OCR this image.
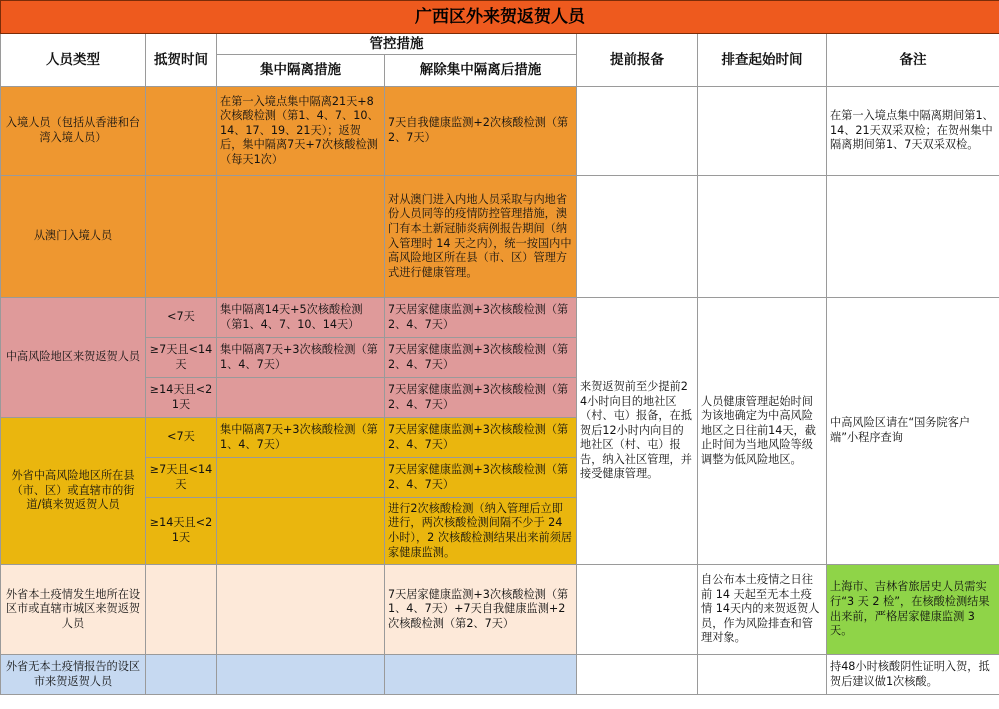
广西区外来贺返贺人员						
人员类型	抵贺时间	管控措施		提前报备	排查起始时间	备注
		集中隔离措施	解除集中隔离后措施			
入境人员（包括从香港和台湾入境人员）		在第一入境点集中隔离21天+8次核酸检测（第1、4、7、10、14、17、19、21天）；返贺后，集中隔离7天+7次核酸检测（每天1次）	7天自我健康监测+2次核酸检测（第2、7天）			在第一入境点集中隔离期间第1、14、21天双采双检；在贺州集中隔离期间第1、7天双采双检。
从澳门入境人员			对从澳门进入内地人员采取与内地省份人员同等的疫情防控管理措施，澳门有本土新冠肺炎病例报告期间（纳入管理时 14 天之内），统一按国内中高风险地区所在县（市、区）管理方式进行健康管理。			
中高风险地区来贺返贺人员	<7天	集中隔离14天+5次核酸检测（第1、4、7、10、14天）	7天居家健康监测+3次核酸检测（第2、4、7天）	来贺返贺前至少提前24小时向目的地社区（村、屯）报备，在抵贺后12小时内向目的地社区（村、屯）报告，纳入社区管理，并接受健康管理。	人员健康管理起始时间为该地确定为中高风险地区之日往前14天，截止时间为当地风险等级调整为低风险地区。	中高风险区请在“国务院客户端”小程序查询
	≥7天且<14天	集中隔离7天+3次核酸检测（第1、4、7天）	7天居家健康监测+3次核酸检测（第2、4、7天）			
	≥14天且<21天		7天居家健康监测+3次核酸检测（第2、4、7天）			
外省中高风险地区所在县（市、区）或直辖市的街道/镇来贺返贺人员	<7天	集中隔离7天+3次核酸检测（第1、4、7天）	7天居家健康监测+3次核酸检测（第2、4、7天）			
	≥7天且<14天		7天居家健康监测+3次核酸检测（第2、4、7天）			
	≥14天且<21天		进行2次核酸检测（纳入管理后立即进行，两次核酸检测间隔不少于 24 小时），2 次核酸检测结果出来前须居家健康监测。			
外省本土疫情发生地所在设区市或直辖市城区来贺返贺人员			7天居家健康监测+3次核酸检测（第1、4、7天）+7天自我健康监测+2次核酸检测（第2、7天）		自公布本土疫情之日往前 14 天起至无本土疫情 14天内的来贺返贺人员，作为风险排查和管理对象。	上海市、吉林省旅居史人员需实行“3 天 2 检”，在核酸检测结果出来前，严格居家健康监测 3 天。
外省无本土疫情报告的设区市来贺返贺人员						持48小时核酸阴性证明入贺，抵贺后建议做1次核酸。
